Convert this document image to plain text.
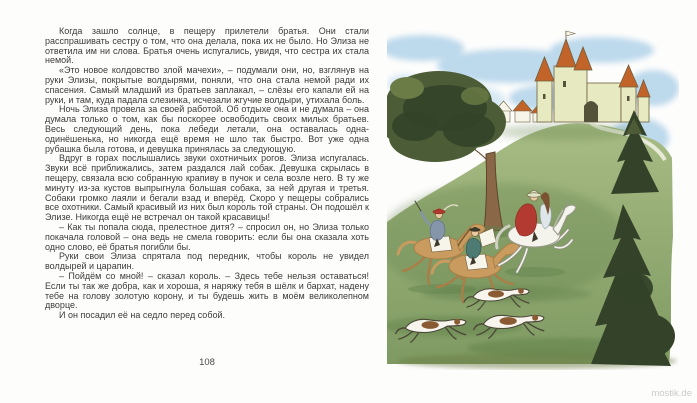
Когда зашло солнце, в пещеру прилетели братья. Они стали расспрашивать сестру о том, что она делала, пока их не было. Но Элиза не ответила им ни слова. Братья очень испугались, увидя, что сестра их стала немой.

«Это новое колдовство злой мачехи», – подумали они, но, взглянув на руки Элизы, покрытые волдырями, поняли, что она стала немой ради их спасения. Самый младший из братьев заплакал, – слёзы его капали ей на руки, и там, куда падала слезинка, исчезали жгучие волдыри, утихала боль.

Ночь Элиза провела за своей работой. Об отдыхе она и не думала – она думала только о том, как бы поскорее освободить своих милых братьев. Весь следующий день, пока лебеди летали, она оставалась одна-одинёшенька, но никогда ещё время не шло так быстро. Вот уже одна рубашка была готова, и девушка принялась за следующую.

Вдруг в горах послышались звуки охотничьих рогов. Элиза испугалась. Звуки всё приближались, затем раздался лай собак. Девушка скрылась в пещеру, связала всю собранную крапиву в пучок и села возле него. В ту же минуту из-за кустов выпрыгнула большая собака, за ней другая и третья. Собаки громко лаяли и бегали взад и вперёд. Скоро у пещеры собрались все охотники. Самый красивый из них был король той страны. Он подошёл к Элизе. Никогда ещё не встречал он такой красавицы!

– Как ты попала сюда, прелестное дитя? – спросил он, но Элиза только покачала головой – она ведь не смела говорить: если бы она сказала хоть одно слово, её братья погибли бы.

Руки свои Элиза спрятала под передник, чтобы король не увидел волдырей и царапин.

– Пойдём со мной! – сказал король. – Здесь тебе нельзя оставаться! Если ты так же добра, как и хороша, я наряжу тебя в шёлк и бархат, надену тебе на голову золотую корону, и ты будешь жить в моём великолепном дворце.

И он посадил её на седло перед собой.

108
mostik.de
